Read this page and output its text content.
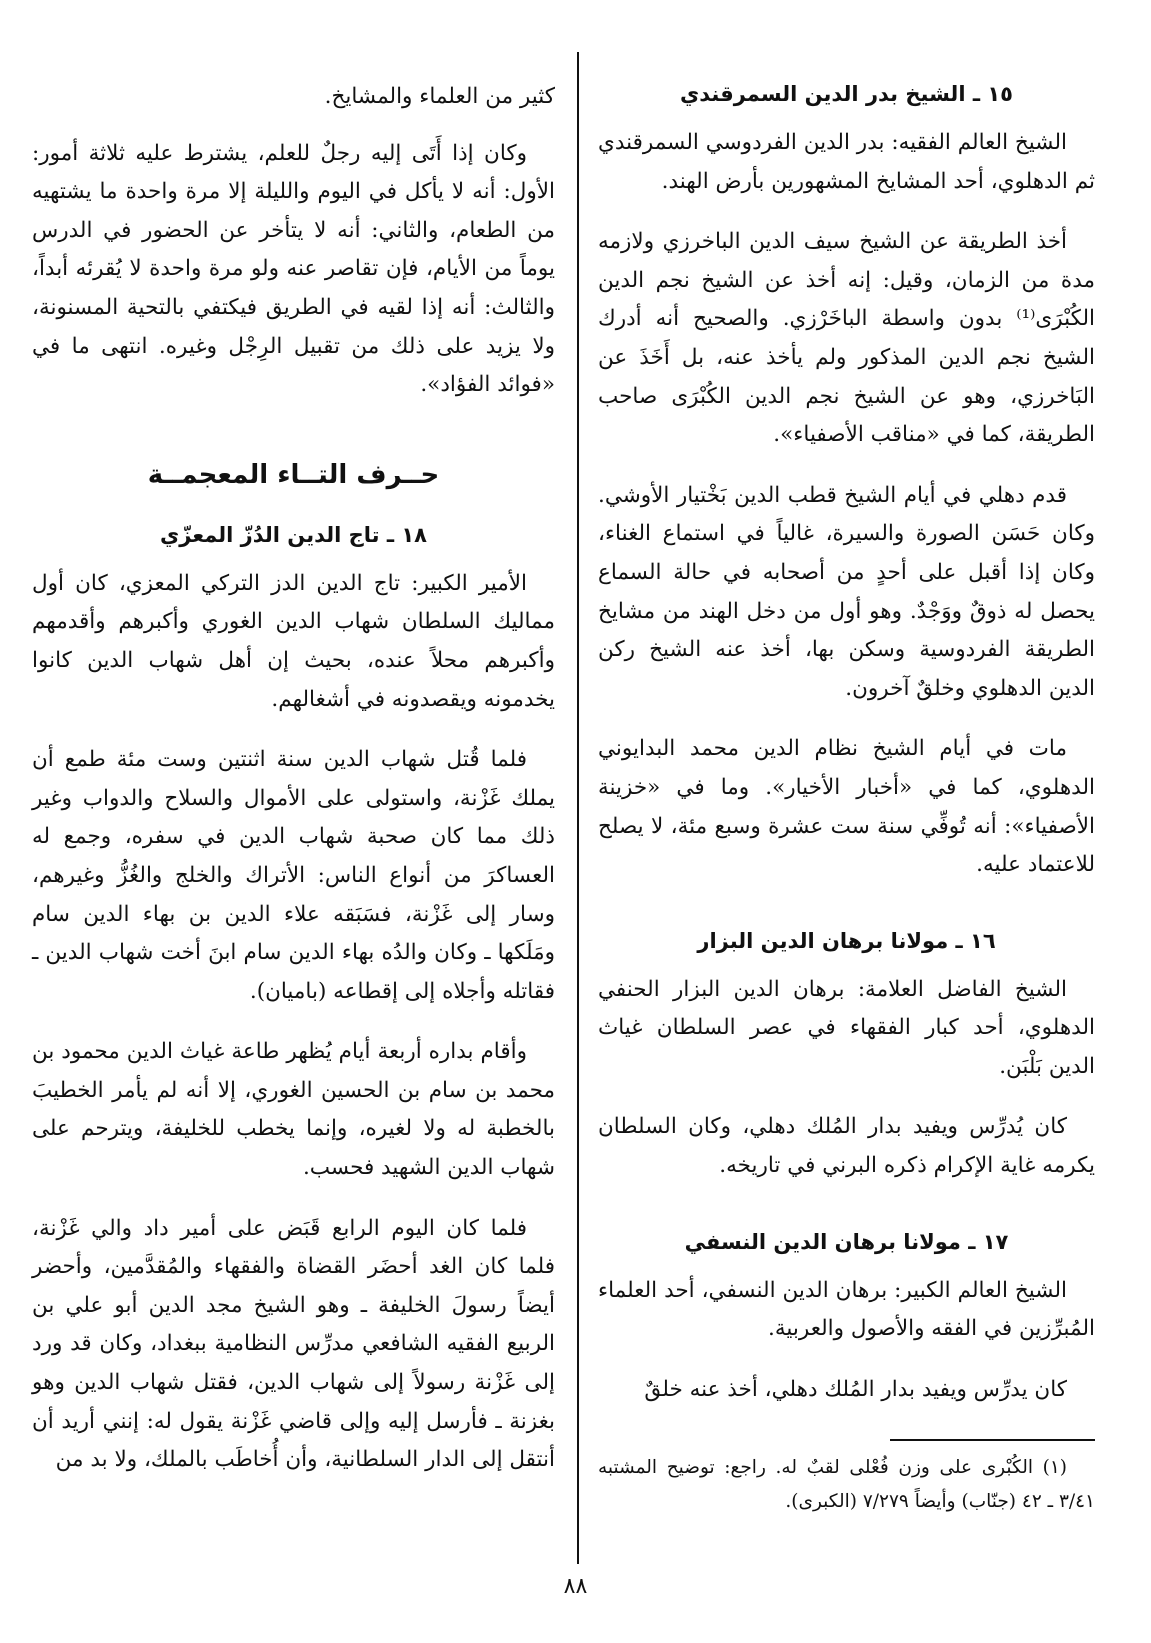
١٥ ـ الشيخ بدر الدين السمرقندي

الشيخ العالم الفقيه: بدر الدين الفردوسي السمرقندي ثم الدهلوي، أحد المشايخ المشهورين بأرض الهند.

أخذ الطريقة عن الشيخ سيف الدين الباخرزي ولازمه مدة من الزمان، وقيل: إنه أخذ عن الشيخ نجم الدين الكُبْرَى⁽¹⁾ بدون واسطة الباخَرْزي. والصحيح أنه أدرك الشيخ نجم الدين المذكور ولم يأخذ عنه، بل أَخَذَ عن البَاخرزي، وهو عن الشيخ نجم الدين الكُبْرَى صاحب الطريقة، كما في «مناقب الأصفياء».

قدم دهلي في أيام الشيخ قطب الدين بَخْتيار الأوشي. وكان حَسَن الصورة والسيرة، غالياً في استماع الغناء، وكان إذا أقبل على أحدٍ من أصحابه في حالة السماع يحصل له ذوقٌ ووَجْدٌ. وهو أول من دخل الهند من مشايخ الطريقة الفردوسية وسكن بها، أخذ عنه الشيخ ركن الدين الدهلوي وخلقٌ آخرون.

مات في أيام الشيخ نظام الدين محمد البدايوني الدهلوي، كما في «أخبار الأخيار». وما في «خزينة الأصفياء»: أنه تُوفِّي سنة ست عشرة وسبع مئة، لا يصلح للاعتماد عليه.

١٦ ـ مولانا برهان الدين البزار

الشيخ الفاضل العلامة: برهان الدين البزار الحنفي الدهلوي، أحد كبار الفقهاء في عصر السلطان غياث الدين بَلْبَن.

كان يُدرِّس ويفيد بدار المُلك دهلي، وكان السلطان يكرمه غاية الإكرام ذكره البرني في تاريخه.

١٧ ـ مولانا برهان الدين النسفي

الشيخ العالم الكبير: برهان الدين النسفي، أحد العلماء المُبرِّزين في الفقه والأصول والعربية.

كان يدرِّس ويفيد بدار المُلك دهلي، أخذ عنه خلقٌ

(١) الكُبْرى على وزن فُعْلى لقبٌ له. راجع: توضيح المشتبه ٣/٤١ ـ ٤٢ (جنّاب) وأيضاً ٧/٢٧٩ (الكبرى).

كثير من العلماء والمشايخ.

وكان إذا أَتَى إليه رجلٌ للعلم، يشترط عليه ثلاثة أمور: الأول: أنه لا يأكل في اليوم والليلة إلا مرة واحدة ما يشتهيه من الطعام، والثاني: أنه لا يتأخر عن الحضور في الدرس يوماً من الأيام، فإن تقاصر عنه ولو مرة واحدة لا يُقرئه أبداً، والثالث: أنه إذا لقيه في الطريق فيكتفي بالتحية المسنونة، ولا يزيد على ذلك من تقبيل الرِجْل وغيره. انتهى ما في «فوائد الفؤاد».

حــرف التــاء المعجمــة
١٨ ـ تاج الدين الدُزّ المعزّي

الأمير الكبير: تاج الدين الدز التركي المعزي، كان أول مماليك السلطان شهاب الدين الغوري وأكبرهم وأقدمهم وأكبرهم محلاً عنده، بحيث إن أهل شهاب الدين كانوا يخدمونه ويقصدونه في أشغالهم.

فلما قُتل شهاب الدين سنة اثنتين وست مئة طمع أن يملك غَزْنة، واستولى على الأموال والسلاح والدواب وغير ذلك مما كان صحبة شهاب الدين في سفره، وجمع له العساكرَ من أنواع الناس: الأتراك والخلج والغُزُّ وغيرهم، وسار إلى غَزْنة، فسَبَقه علاء الدين بن بهاء الدين سام ومَلَكها ـ وكان والدُه بهاء الدين سام ابنَ أخت شهاب الدين ـ فقاتله وأجلاه إلى إقطاعه (باميان).

وأقام بداره أربعة أيام يُظهر طاعة غياث الدين محمود بن محمد بن سام بن الحسين الغوري، إلا أنه لم يأمر الخطيبَ بالخطبة له ولا لغيره، وإنما يخطب للخليفة، ويترحم على شهاب الدين الشهيد فحسب.

فلما كان اليوم الرابع قَبَض على أمير داد والي غَزْنة، فلما كان الغد أحضَر القضاة والفقهاء والمُقدَّمين، وأحضر أيضاً رسولَ الخليفة ـ وهو الشيخ مجد الدين أبو علي بن الربيع الفقيه الشافعي مدرِّس النظامية ببغداد، وكان قد ورد إلى غَزْنة رسولاً إلى شهاب الدين، فقتل شهاب الدين وهو بغزنة ـ فأرسل إليه وإلى قاضي غَزْنة يقول له: إنني أريد أن أنتقل إلى الدار السلطانية، وأن أُخاطَب بالملك، ولا بد من

٨٨
